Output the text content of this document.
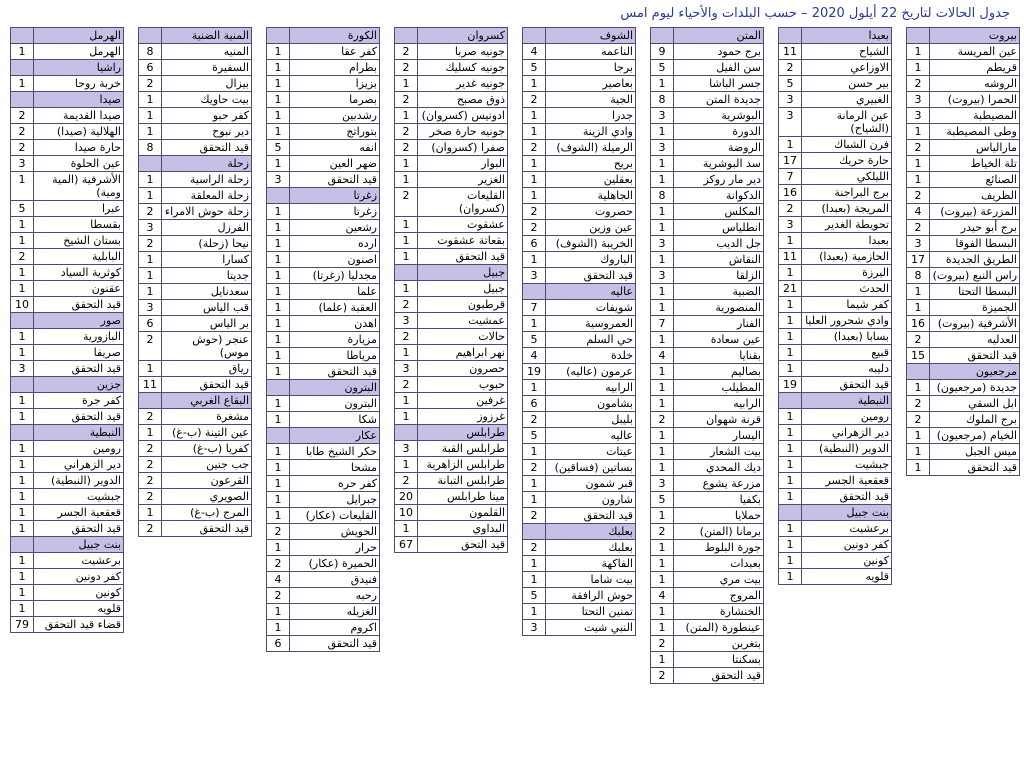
جدول الحالات لتاريخ 22 أيلول 2020 – حسب البلدات والأحياء ليوم امس
بيروت
عين المريسة
1
قريطم
1
الروشه
2
الحمرا (بيروت)
3
المصيطبة
3
وطى المصيطبة
1
مارالياس
2
تلة الخياط
1
الصنائع
1
الظريف
2
المزرعة (بيروت)
4
برج أبو حيدر
2
البسطا الفوقا
3
الطريق الجديدة
17
راس النبع (بيروت)
8
البسطا التحتا
1
الجميزة
1
الأشرفية (بيروت)
16
العدليه
2
قيد التحقق
15
مرجعيون
جديدة (مرجعيون)
1
ابل السقي
2
برج الملوك
2
الخيام (مرجعيون)
1
ميس الجبل
1
قيد التحقق
1
بعبدا
الشياح
11
الاوزاعي
2
بير حسن
5
الغبيري
3
عين الرمانة (الشياح)
3
فرن الشباك
1
حارة حريك
17
الليلكي
7
برج البراجنة
16
المريجة (بعبدا)
2
تحويطة الغدير
3
بعبدا
1
الحازمية (بعبدا)
11
اليرزة
1
الحدث
21
كفر شيما
1
وادي شحرور العليا
1
بسابا (بعبدا)
1
قبيع
1
دليبه
1
قيد التحقق
19
النبطية
رومين
1
دير الزهراني
1
الدوير (النبطية)
1
جبشيت
1
قعقعية الجسر
1
قيد التحقق
1
بنت جبيل
برعشيت
1
كفر دونين
1
كونين
1
قلويه
1
المتن
برج حمود
9
سن الفيل
5
جسر الباشا
1
جديدة المتن
8
البوشرية
3
الدورة
1
الروضة
3
سد البوشرية
1
دير مار روكز
1
الدكوانة
8
المكلس
1
انطلياس
1
جل الديب
3
النقاش
1
الزلقا
3
الضبية
1
المنصورية
1
الفنار
7
عين سعادة
1
بقنايا
4
بصاليم
1
المطيلب
1
الرابيه
1
قرنة شهوان
2
اليسار
1
بيت الشعار
1
ديك المحدي
1
مزرعة يشوع
3
بكفيا
5
حملايا
1
برمانا (المتن)
2
جورة البلوط
1
بعبدات
1
بيت مري
1
المروج
4
الخنشارة
1
عينطورة (المتن)
1
بتغرين
2
بسكنتا
1
قيد التحقق
2
الشوف
الناعمه
4
برجا
5
بعاصير
1
الجية
2
جدرا
1
وادي الزينة
1
الرميلة (الشوف)
2
بريح
1
بعقلين
1
الجاهلية
1
حصروت
2
عين وزين
2
الخريبة (الشوف)
6
الباروك
1
قيد التحقق
3
عاليه
شويفات
7
العمروسية
1
حي السلم
5
خلدة
4
عرمون (عاليه)
19
الرابيه
1
بشامون
6
بليبل
2
عاليه
5
عيتات
1
بساتين (فساقين)
2
قبر شمون
1
شارون
1
قيد التحقق
2
بعلبك
بعلبك
2
الفاكهة
1
بيت شاما
1
حوش الرافقة
5
تمنين التحتا
1
النبي شيت
3
كسروان
جونيه صربا
2
جونيه كسليك
2
جونيه غدير
1
ذوق مصبح
2
ادونيس (كسروان)
1
جونيه حارة صخر
2
صفرا (كسروان)
2
البوار
1
الغزير
1
القليعات (كسروان)
2
عشقوت
1
بقعاتة عشقوت
1
قيد التحقق
1
جبيل
جبيل
1
قرطبون
2
عمشيت
3
حالات
2
نهر ابراهيم
1
حصرون
3
حبوب
2
غرفين
1
غرزوز
1
طرابلس
طرابلس القبة
3
طرابلس الزاهرية
1
طرابلس التبانة
2
مينا طرابلس
20
القلمون
10
البداوي
1
قيد التحق
67
الكورة
كفر عقا
1
بطرام
1
بزيزا
1
بصرما
1
رشدبين
1
بتوراتج
1
انفه
5
ضهر العين
1
قيد التحقق
3
زغرتا
زغرتا
1
رشعين
1
ارده
1
اصنون
1
مجدليا (زغرتا)
1
علما
1
العقبة (علما)
1
اهدن
1
مزيارة
1
مرياطا
1
قيد التحقق
1
البترون
البترون
1
شكا
1
عكار
حكر الشيخ طابا
1
مشحا
1
كفر حره
1
جبرايل
1
القليعات (عكار)
1
الحويش
2
حرار
1
الحميرة (عكار)
2
فنيدق
4
رحبه
2
الغزيله
1
اكروم
1
قيد التحقق
6
المنية الضنية
المنيه
8
السفيرة
6
بيزال
2
بيت حاويك
1
كفر حبو
1
دير نبوح
1
قيد التحقق
8
زحلة
زحلة الراسية
1
زحلة المعلقة
1
زحلة حوش الامراء
2
الفرزل
3
نيحا (زحلة)
2
كسارا
1
جديتا
1
سعدنايل
1
قب الياس
3
بر الياس
6
عنجر (حوش موس)
2
رياق
1
قيد التحقق
11
البقاع الغربي
مشغرة
2
عين التينة (ب-غ)
1
كفريا (ب-غ)
2
جب جنين
2
القرعون
2
الصويري
2
المرج (ب-غ)
1
قيد التحقق
2
الهرمل
الهرمل
1
راشيا
خربة روحا
1
صيدا
صيدا القديمة
2
الهلالية (صيدا)
2
حارة صيدا
2
عين الحلوة
3
الأشرفية (المية ومية)
1
عبرا
5
بقسطا
1
بستان الشيخ
1
البابلية
2
كوثرية السياد
1
عقنون
1
قيد التحقق
10
صور
البازورية
1
صريفا
1
قيد التحقق
3
جزين
كفر جرة
1
قيد التحقق
1
النبطية
رومين
1
دير الزهراني
1
الدوير (النبطية)
1
جبشيت
1
قعقعية الجسر
1
قيد التحقق
1
بنت جبيل
برعشيت
1
كفر دونين
1
كونين
1
قلويه
1
قضاء قيد التحقق
79
